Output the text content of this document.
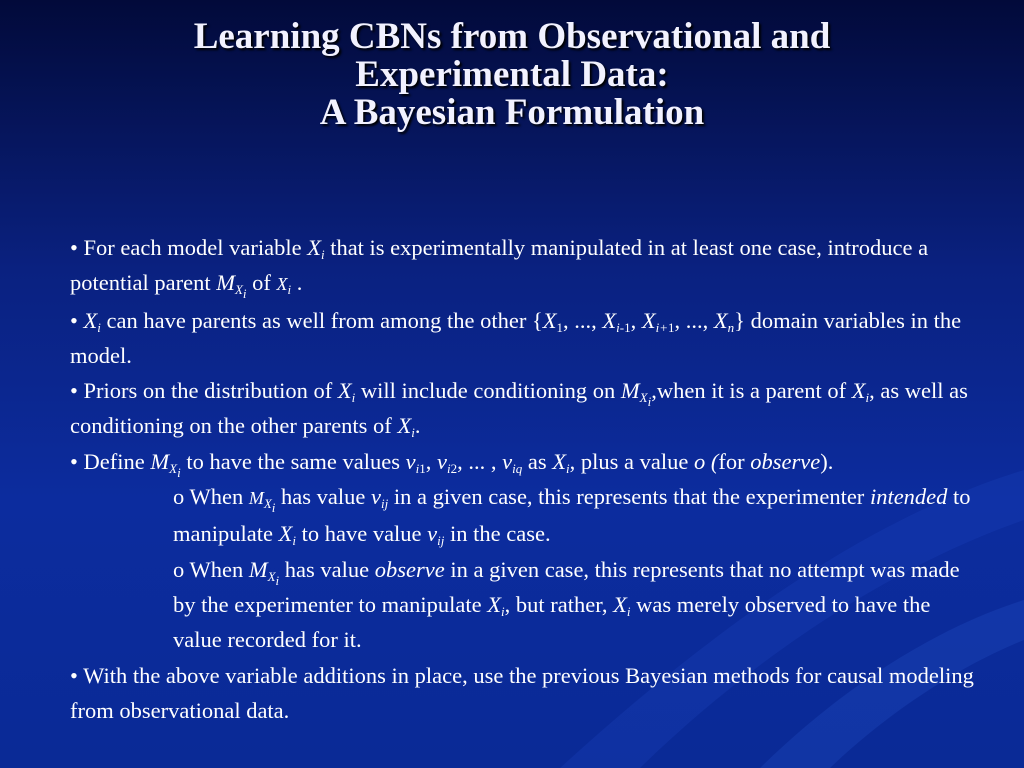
Learning CBNs from Observational and
Experimental Data:
A Bayesian Formulation

• For each model variable $X_i$ that is experimentally manipulated in at least one case, introduce a potential parent $M_{X_i}$ of $X_i$ .

• $X_i$ can have parents as well from among the other {$X_1$, ..., $X_{i-1}$, $X_{i+1}$, ..., $X_n$} domain variables in the model.

• Priors on the distribution of $X_i$ will include conditioning on $M_{X_i},when$ it is a parent of $X_i$, as well as conditioning on the other parents of $X_i$.

• Define $M_{X_i}$ to have the same values $v_{i1}$, $v_{i2}$, ... , $v_{iq}$ as $X_i$, plus a value o (for observe).

o When $M_{X_i}$ has value $v_{ij}$ in a given case, this represents that the experimenter intended to manipulate $X_i$ to have value $v_{ij}$ in the case.

o When $M_{X_i}$ has value observe in a given case, this represents that no attempt was made by the experimenter to manipulate $X_i$, but rather, $X_i$ was merely observed to have the value recorded for it.

• With the above variable additions in place, use the previous Bayesian methods for causal modeling from observational data.
